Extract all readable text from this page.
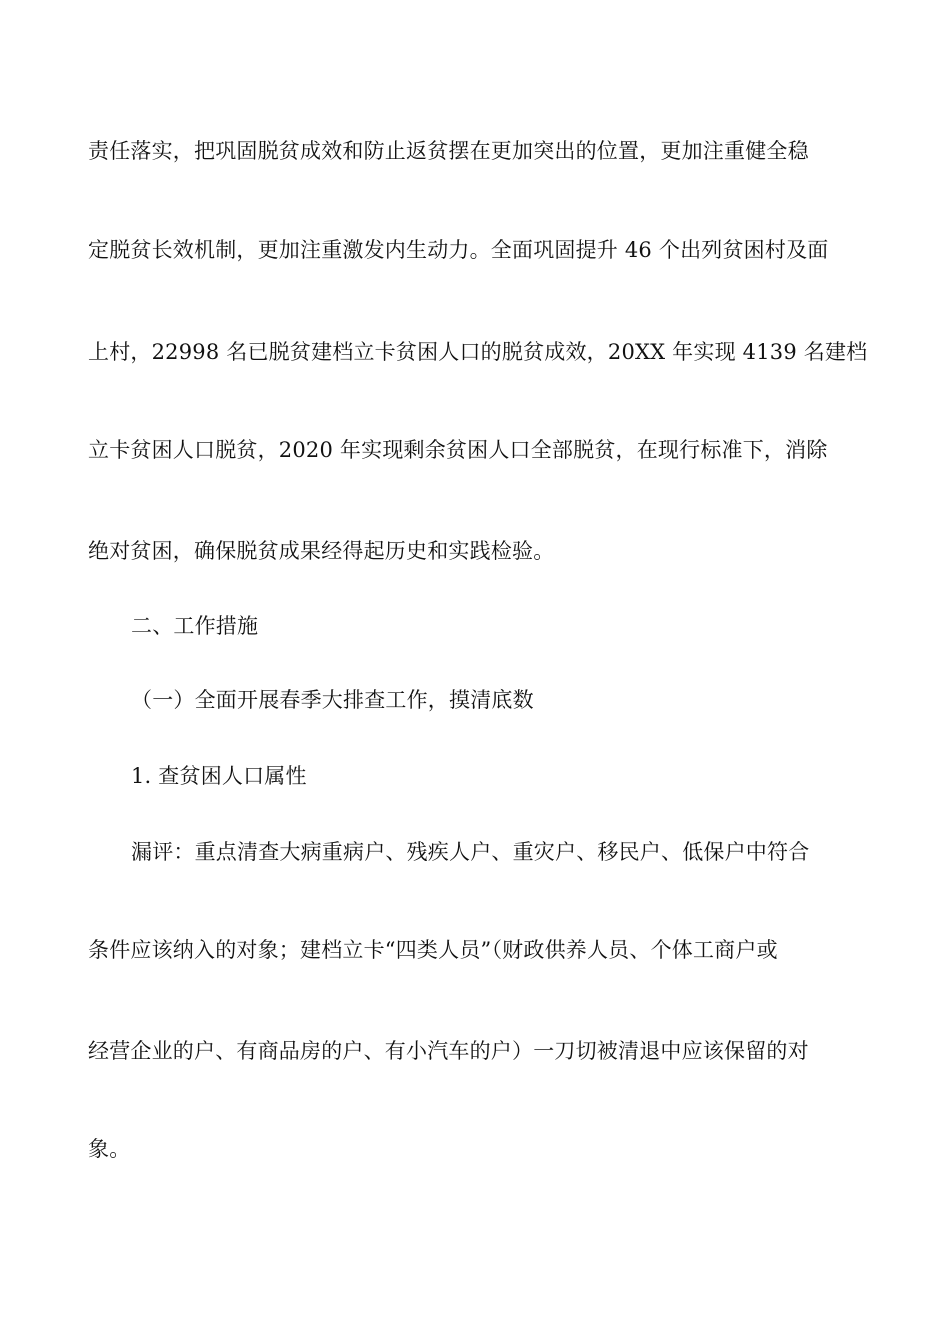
责任落实，把巩固脱贫成效和防止返贫摆在更加突出的位置，更加注重健全稳
定脱贫长效机制，更加注重激发内生动力。全面巩固提升 46 个出列贫困村及面
上村，22998 名已脱贫建档立卡贫困人口的脱贫成效，20XX 年实现 4139 名建档
立卡贫困人口脱贫，2020 年实现剩余贫困人口全部脱贫，在现行标准下，消除
绝对贫困，确保脱贫成果经得起历史和实践检验。
二、工作措施
（一）全面开展春季大排查工作，摸清底数
1. 查贫困人口属性
漏评：重点清查大病重病户、残疾人户、重灾户、移民户、低保户中符合
条件应该纳入的对象；建档立卡“四类人员”（财政供养人员、个体工商户或
经营企业的户、有商品房的户、有小汽车的户）一刀切被清退中应该保留的对
象。
